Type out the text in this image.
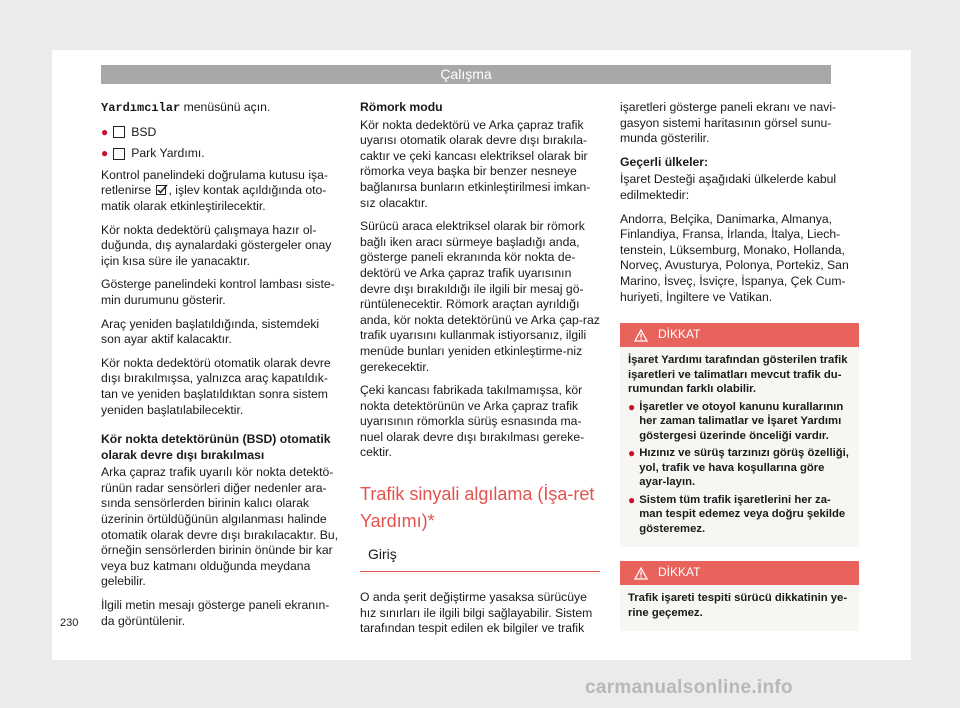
Çalışma

Yardımcılar menüsünü açın.

● BSD
● Park Yardımı.

Kontrol panelindeki doğrulama kutusu işa-retlenirse , işlev kontak açıldığında oto-matik olarak etkinleştirilecektir.

Kör nokta dedektörü çalışmaya hazır ol-duğunda, dış aynalardaki göstergeler onay için kısa süre ile yanacaktır.

Gösterge panelindeki kontrol lambası siste-min durumunu gösterir.

Araç yeniden başlatıldığında, sistemdeki son ayar aktif kalacaktır.

Kör nokta dedektörü otomatik olarak devre dışı bırakılmışsa, yalnızca araç kapatıldık-tan ve yeniden başlatıldıktan sonra sistem yeniden başlatılabilecektir.

Kör nokta detektörünün (BSD) otomatik olarak devre dışı bırakılması

Arka çapraz trafik uyarılı kör nokta detektö-rünün radar sensörleri diğer nedenler ara-sında sensörlerden birinin kalıcı olarak üzerinin örtüldüğünün algılanması halinde otomatik olarak devre dışı bırakılacaktır. Bu, örneğin sensörlerden birinin önünde bir kar veya buz katmanı olduğunda meydana gelebilir.

İlgili metin mesajı gösterge paneli ekranın-da görüntülenir.

Römork modu

Kör nokta dedektörü ve Arka çapraz trafik uyarısı otomatik olarak devre dışı bırakıla-caktır ve çeki kancası elektriksel olarak bir römorka veya başka bir benzer nesneye bağlanırsa bunların etkinleştirilmesi imkan-sız olacaktır.

Sürücü araca elektriksel olarak bir römork bağlı iken aracı sürmeye başladığı anda, gösterge paneli ekranında kör nokta de-dektörü ve Arka çapraz trafik uyarısının devre dışı bırakıldığı ile ilgili bir mesaj gö-rüntülenecektir. Römork araçtan ayrıldığı anda, kör nokta detektörünü ve Arka çap-raz trafik uyarısını kullanmak istiyorsanız, ilgili menüde bunları yeniden etkinleştirme-niz gerekecektir.

Çeki kancası fabrikada takılmamışsa, kör nokta detektörünün ve Arka çapraz trafik uyarısının römorkla sürüş esnasında ma-nuel olarak devre dışı bırakılması gereke-cektir.

Trafik sinyali algılama (İşa-ret Yardımı)*
Giriş

O anda şerit değiştirme yasaksa sürücüye hız sınırları ile ilgili bilgi sağlayabilir. Sistem tarafından tespit edilen ek bilgiler ve trafik

işaretleri gösterge paneli ekranı ve navi-gasyon sistemi haritasının görsel sunu-munda gösterilir.

Geçerli ülkeler:

İşaret Desteği aşağıdaki ülkelerde kabul edilmektedir:

Andorra, Belçika, Danimarka, Almanya, Finlandiya, Fransa, İrlanda, İtalya, Liech-tenstein, Lüksemburg, Monako, Hollanda, Norveç, Avusturya, Polonya, Portekiz, San Marino, İsveç, İsviçre, İspanya, Çek Cum-huriyeti, İngiltere ve Vatikan.

DİKKAT

İşaret Yardımı tarafından gösterilen trafik işaretleri ve talimatları mevcut trafik du-rumundan farklı olabilir.

● İşaretler ve otoyol kanunu kurallarının her zaman talimatlar ve İşaret Yardımı göstergesi üzerinde önceliği vardır.

● Hızınız ve sürüş tarzınızı görüş özelliği, yol, trafik ve hava koşullarına göre ayar-layın.

● Sistem tüm trafik işaretlerini her za-man tespit edemez veya doğru şekilde gösteremez.

DİKKAT

Trafik işareti tespiti sürücü dikkatinin ye-rine geçemez.

230
carmanualsonline.info
